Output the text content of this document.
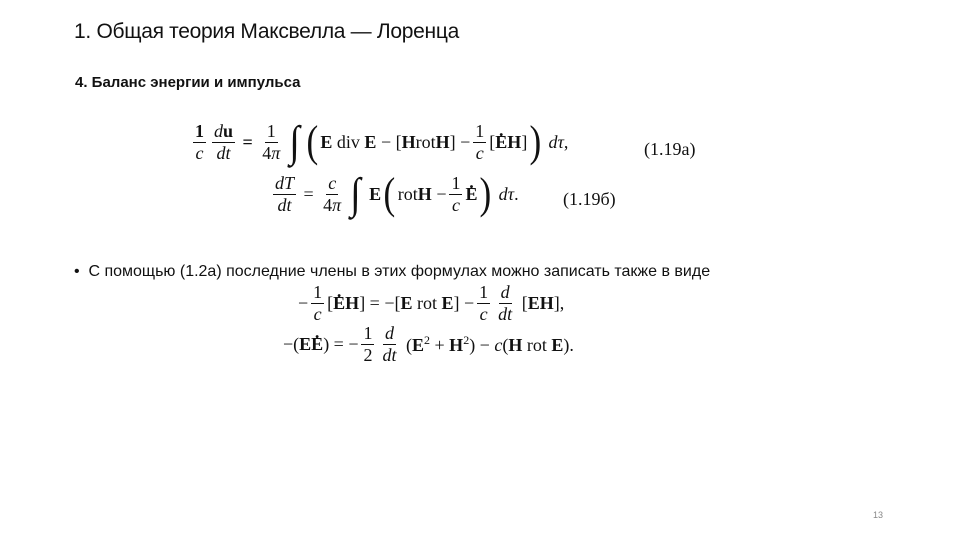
1. Общая теория Максвелла — Лоренца
4. Баланс энергии и импульса
$\frac{1}{c} \frac{du}{dt} = \frac{1}{4\pi}$ ∫ ( E div E − [HrotH] − $\frac{1}{c}$ [. EH] ) d τ ,	(1.19a)
$\frac{dT}{dt} = \frac{c}{4\pi}$ ∫ E ( rotH − $\frac{1}{c}$
. E ) d τ . (1.19б)
• С помощью (1.2a) последние члены в этих формулах можно записать также в виде
− $\frac{1}{c}$ [. EH] = −[E rot $E] - \frac{1}{c} \frac{d}{dt} [EH]$,
−(E. E) = − $\frac{1}{2} \frac{d}{dt} (E^2 + H^2) - c(H$ rot E).
13
